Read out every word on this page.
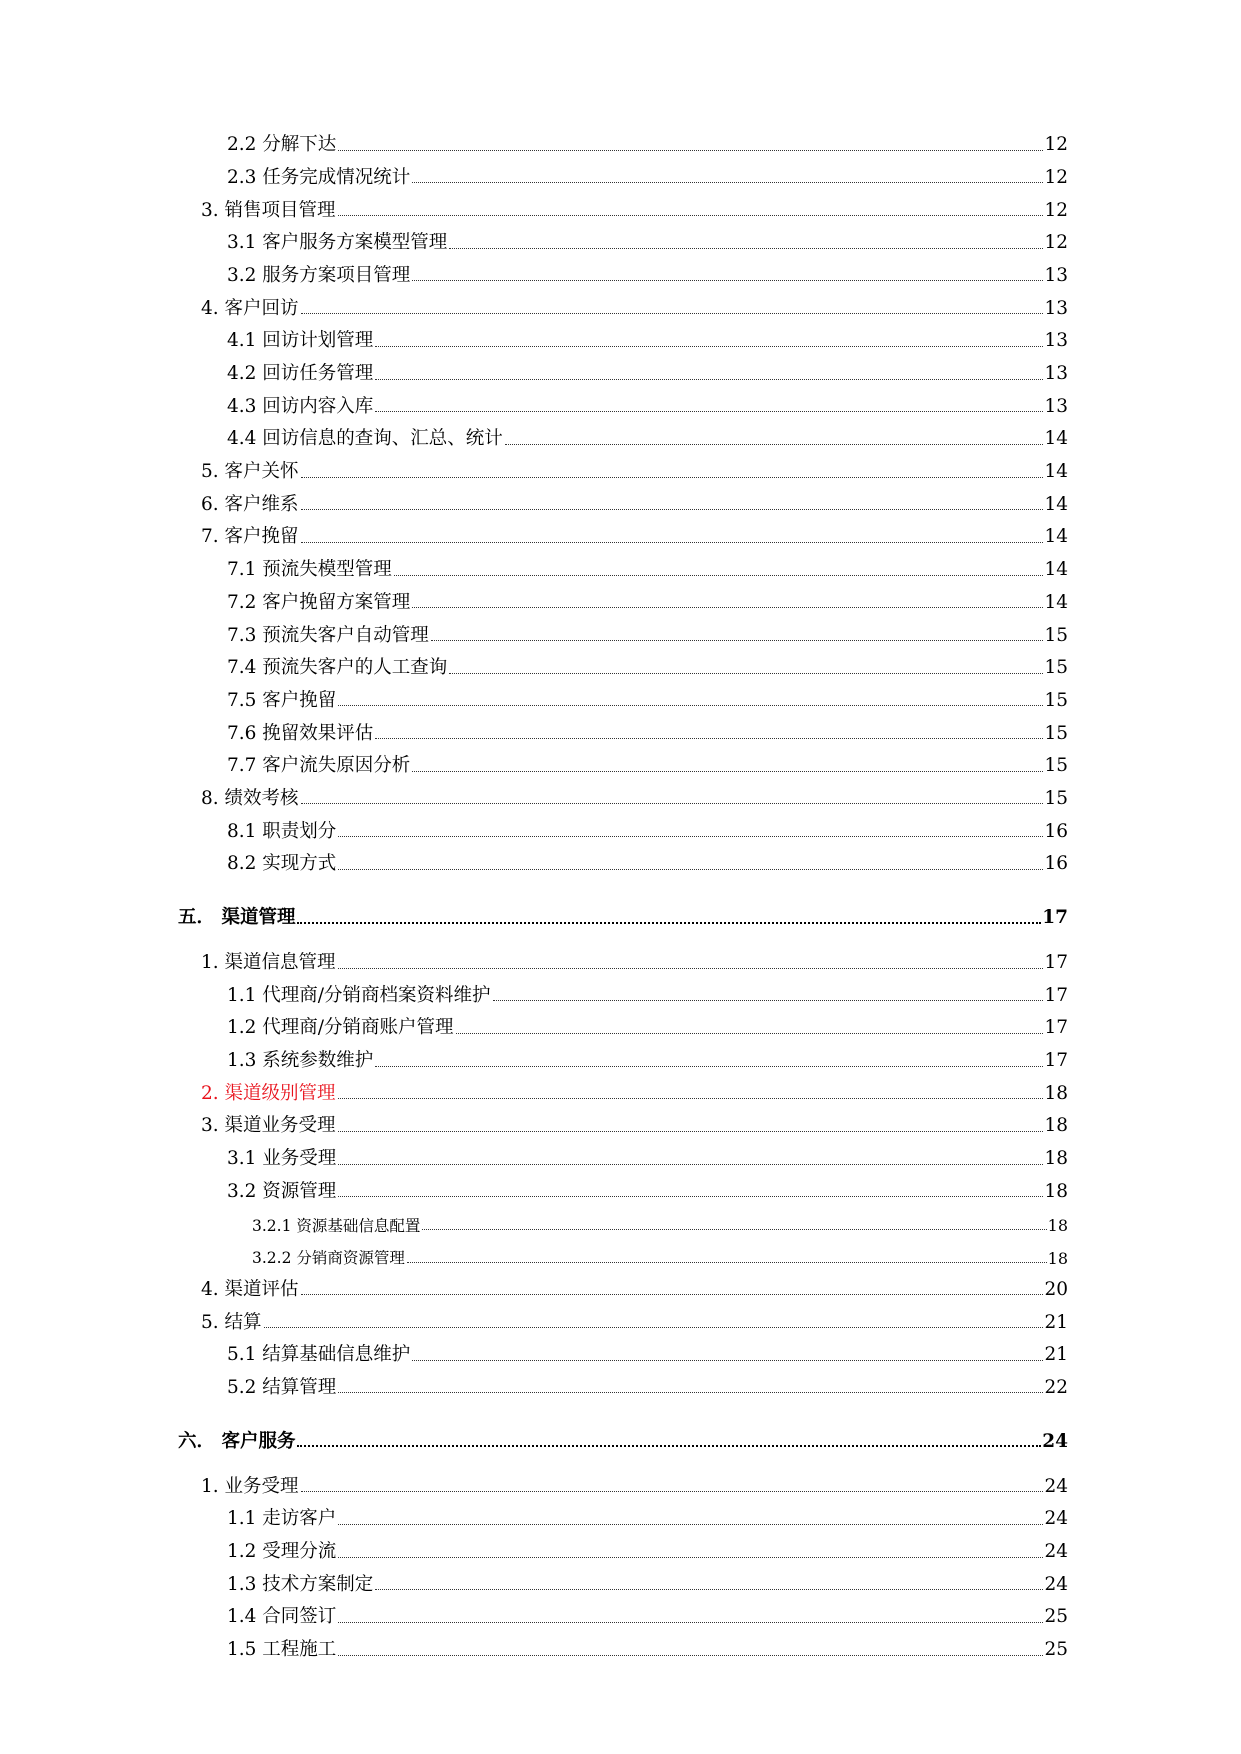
2.2 分解下达	12
2.3 任务完成情况统计	12
3. 销售项目管理	12
3.1 客户服务方案模型管理	12
3.2 服务方案项目管理	13
4. 客户回访	13
4.1 回访计划管理	13
4.2 回访任务管理	13
4.3 回访内容入库	13
4.4 回访信息的查询、汇总、统计	14
5. 客户关怀	14
6. 客户维系	14
7. 客户挽留	14
7.1 预流失模型管理	14
7.2 客户挽留方案管理	14
7.3 预流失客户自动管理	15
7.4 预流失客户的人工查询	15
7.5 客户挽留	15
7.6 挽留效果评估	15
7.7 客户流失原因分析	15
8. 绩效考核	15
8.1 职责划分	16
8.2 实现方式	16
五． 渠道管理	17
1. 渠道信息管理	17
1.1 代理商/分销商档案资料维护	17
1.2 代理商/分销商账户管理	17
1.3 系统参数维护	17
2. 渠道级别管理	18
3. 渠道业务受理	18
3.1 业务受理	18
3.2 资源管理	18
3.2.1 资源基础信息配置	18
3.2.2 分销商资源管理	18
4. 渠道评估	20
5. 结算	21
5.1 结算基础信息维护	21
5.2 结算管理	22
六． 客户服务	24
1. 业务受理	24
1.1 走访客户	24
1.2 受理分流	24
1.3 技术方案制定	24
1.4 合同签订	25
1.5 工程施工	25
